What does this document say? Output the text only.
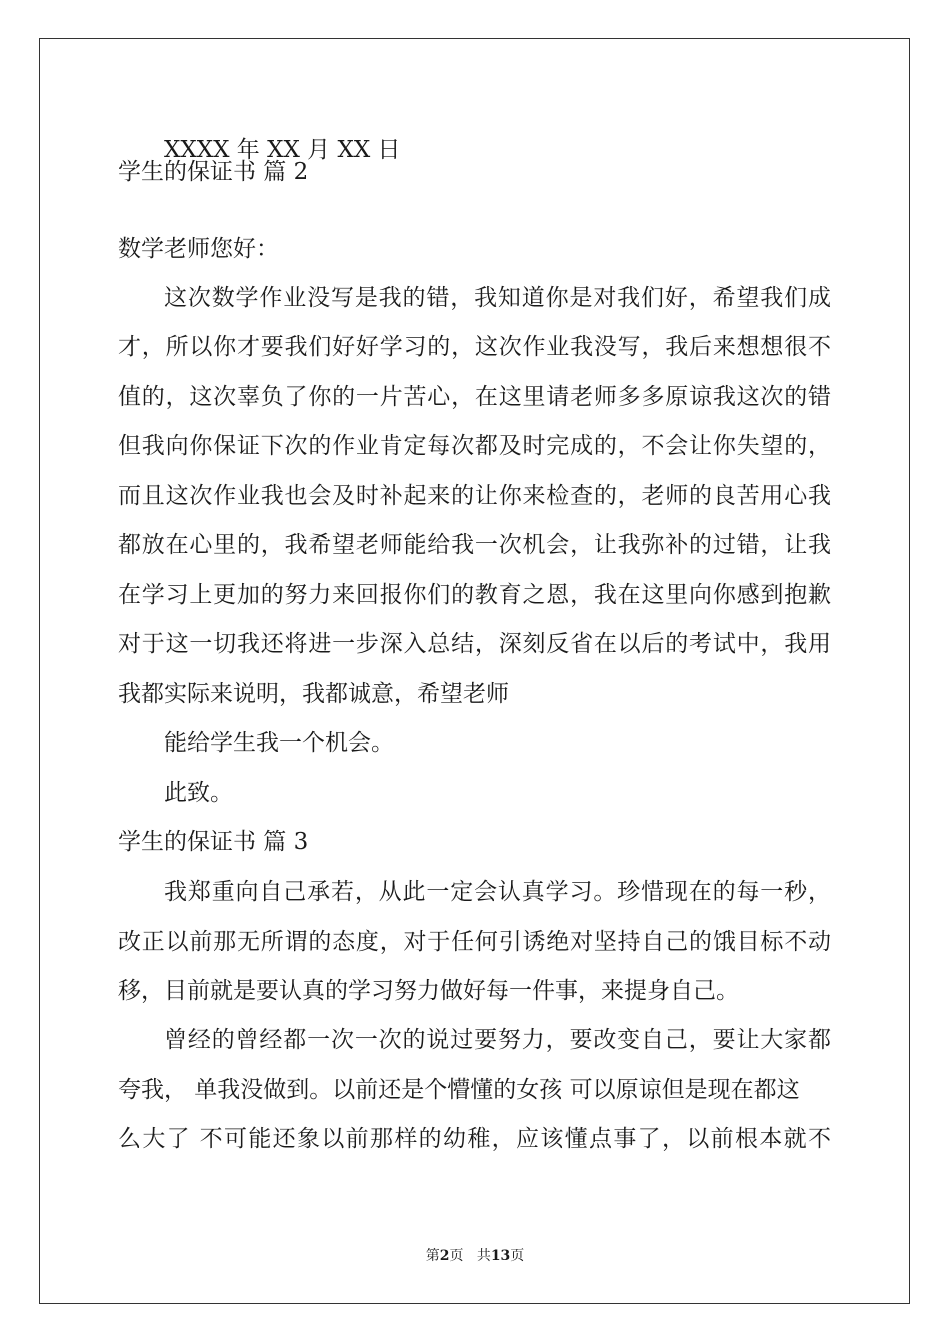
XXXX 年 XX 月 XX 日
学生的保证书 篇 2
数学老师您好：
这次数学作业没写是我的错，我知道你是对我们好，希望我们成
才，所以你才要我们好好学习的，这次作业我没写，我后来想想很不
值的，这次辜负了你的一片苦心，在这里请老师多多原谅我这次的错
但我向你保证下次的作业肯定每次都及时完成的，不会让你失望的，
而且这次作业我也会及时补起来的让你来检查的，老师的良苦用心我
都放在心里的，我希望老师能给我一次机会，让我弥补的过错，让我
在学习上更加的努力来回报你们的教育之恩，我在这里向你感到抱歉
对于这一切我还将进一步深入总结，深刻反省在以后的考试中，我用
我都实际来说明，我都诚意，希望老师
能给学生我一个机会。
此致。
学生的保证书 篇 3
我郑重向自己承若，从此一定会认真学习。珍惜现在的每一秒，
改正以前那无所谓的态度，对于任何引诱绝对坚持自己的饿目标不动
移，目前就是要认真的学习努力做好每一件事，来提身自己。
曾经的曾经都一次一次的说过要努力，要改变自己，要让大家都
夸我， 单我没做到。以前还是个懵懂的女孩 可以原谅但是现在都这
么大了 不可能还象以前那样的幼稚，应该懂点事了，以前根本就不
第2页 共13页
